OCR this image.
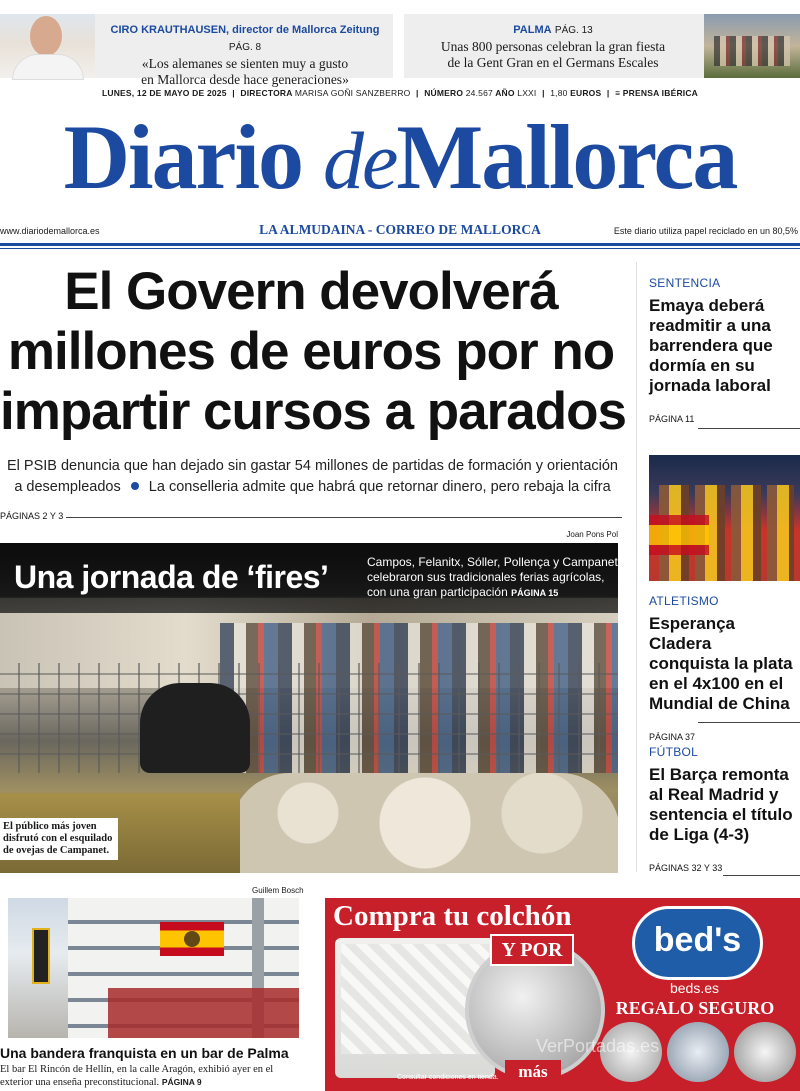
CIRO KRAUTHAUSEN, director de Mallorca Zeitung PÁG. 8
«Los alemanes se sienten muy a gusto
en Mallorca desde hace generaciones»
PALMA PÁG. 13
Unas 800 personas celebran la gran fiesta
de la Gent Gran en el Germans Escales
LUNES, 12 DE MAYO DE 2025 | DIRECTORA MARISA GOÑI SANZBERRO | NÚMERO 24.567 AÑO LXXI | 1,80 EUROS | ≡ PRENSA IBÉRICA
Diario deMallorca
www.diariodemallorca.es	LA ALMUDAINA - CORREO DE MALLORCA	Este diario utiliza papel reciclado en un 80,5%
El Govern devolverá
millones de euros por no
impartir cursos a parados
El PSIB denuncia que han dejado sin gastar 54 millones de partidas de formación y orientación
a desempleados La conselleria admite que habrá que retornar dinero, pero rebaja la cifra
PÁGINAS 2 Y 3
Joan Pons Pol
Una jornada de ‘fires’	Campos, Felanitx, Sóller, Pollença y Campanet
celebraron sus tradicionales ferias agrícolas,
con una gran participación PÁGINA 15
El público más joven
disfrutó con el esquilado
de ovejas de Campanet.
SENTENCIA
Emaya deberá
readmitir a una
barrendera que
dormía en su
jornada laboral
PÁGINA 11
ATLETISMO
Esperança Cladera
conquista la plata
en el 4x100 en el
Mundial de China
PÁGINA 37
FÚTBOL
El Barça remonta
al Real Madrid y
sentencia el título
de Liga (4-3)
PÁGINAS 32 Y 33
Guillem Bosch
Una bandera franquista en un bar de Palma
El bar El Rincón de Hellín, en la calle Aragón, exhibió ayer en el
exterior una enseña preconstitucional. PÁGINA 9
Compra tu colchón
Y POR
más
bed's
beds.es
REGALO SEGURO
Consultar condiciones en tienda.
VerPortadas.es
